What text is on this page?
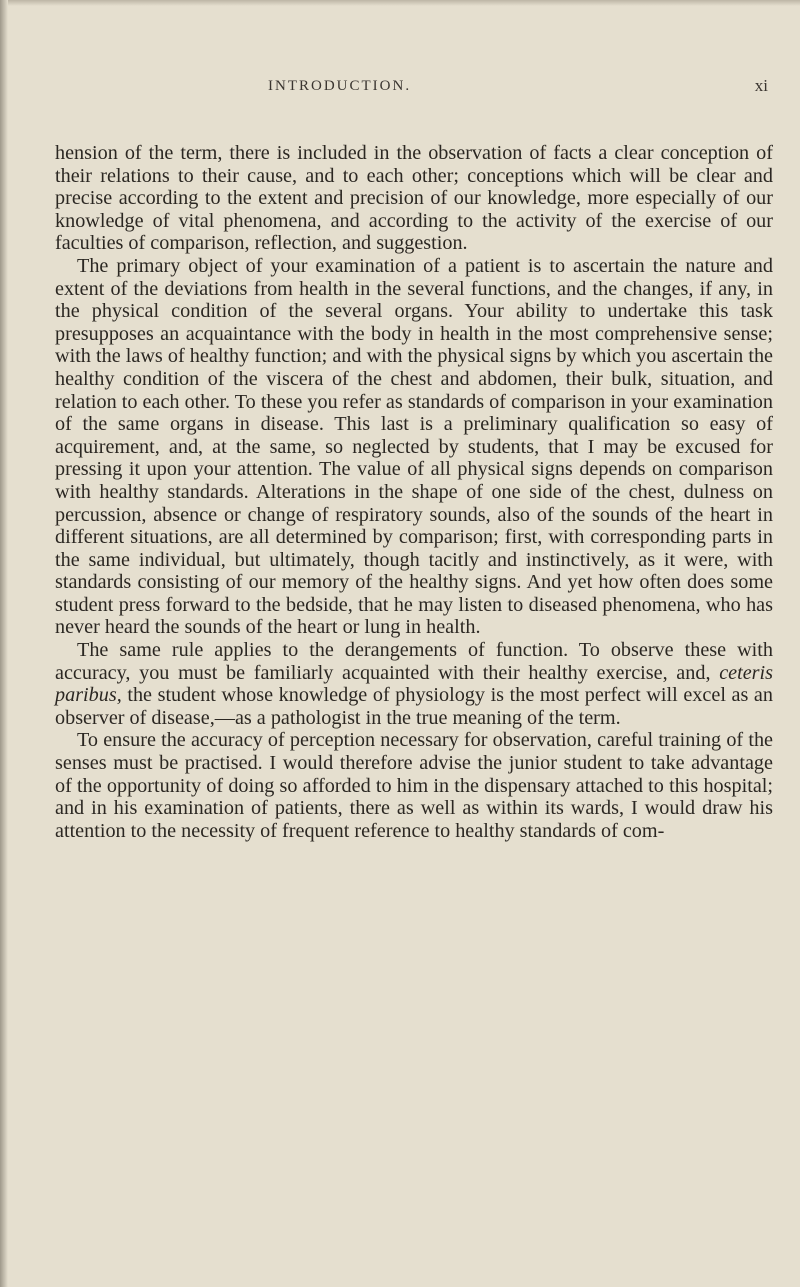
INTRODUCTION.	xi

hension of the term, there is included in the observation of facts a clear conception of their relations to their cause, and to each other; conceptions which will be clear and precise according to the extent and precision of our knowledge, more especially of our knowledge of vital phenomena, and according to the activity of the exercise of our faculties of comparison, reflection, and suggestion.

The primary object of your examination of a patient is to ascertain the nature and extent of the deviations from health in the several functions, and the changes, if any, in the physical condition of the several organs. Your ability to undertake this task presupposes an acquaintance with the body in health in the most comprehensive sense; with the laws of healthy function; and with the physical signs by which you ascertain the healthy condition of the viscera of the chest and abdomen, their bulk, situation, and relation to each other. To these you refer as standards of comparison in your examination of the same organs in disease. This last is a preliminary qualification so easy of acquirement, and, at the same, so neglected by students, that I may be excused for pressing it upon your attention. The value of all physical signs depends on comparison with healthy standards. Alterations in the shape of one side of the chest, dulness on percussion, absence or change of respiratory sounds, also of the sounds of the heart in different situations, are all determined by comparison; first, with corresponding parts in the same individual, but ultimately, though tacitly and instinctively, as it were, with standards consisting of our memory of the healthy signs. And yet how often does some student press forward to the bedside, that he may listen to diseased phenomena, who has never heard the sounds of the heart or lung in health.

The same rule applies to the derangements of function. To observe these with accuracy, you must be familiarly acquainted with their healthy exercise, and, ceteris paribus, the student whose knowledge of physiology is the most perfect will excel as an observer of disease,—as a pathologist in the true meaning of the term.

To ensure the accuracy of perception necessary for observation, careful training of the senses must be practised. I would therefore advise the junior student to take advantage of the opportunity of doing so afforded to him in the dispensary attached to this hospital; and in his examination of patients, there as well as within its wards, I would draw his attention to the necessity of frequent reference to healthy standards of com-
